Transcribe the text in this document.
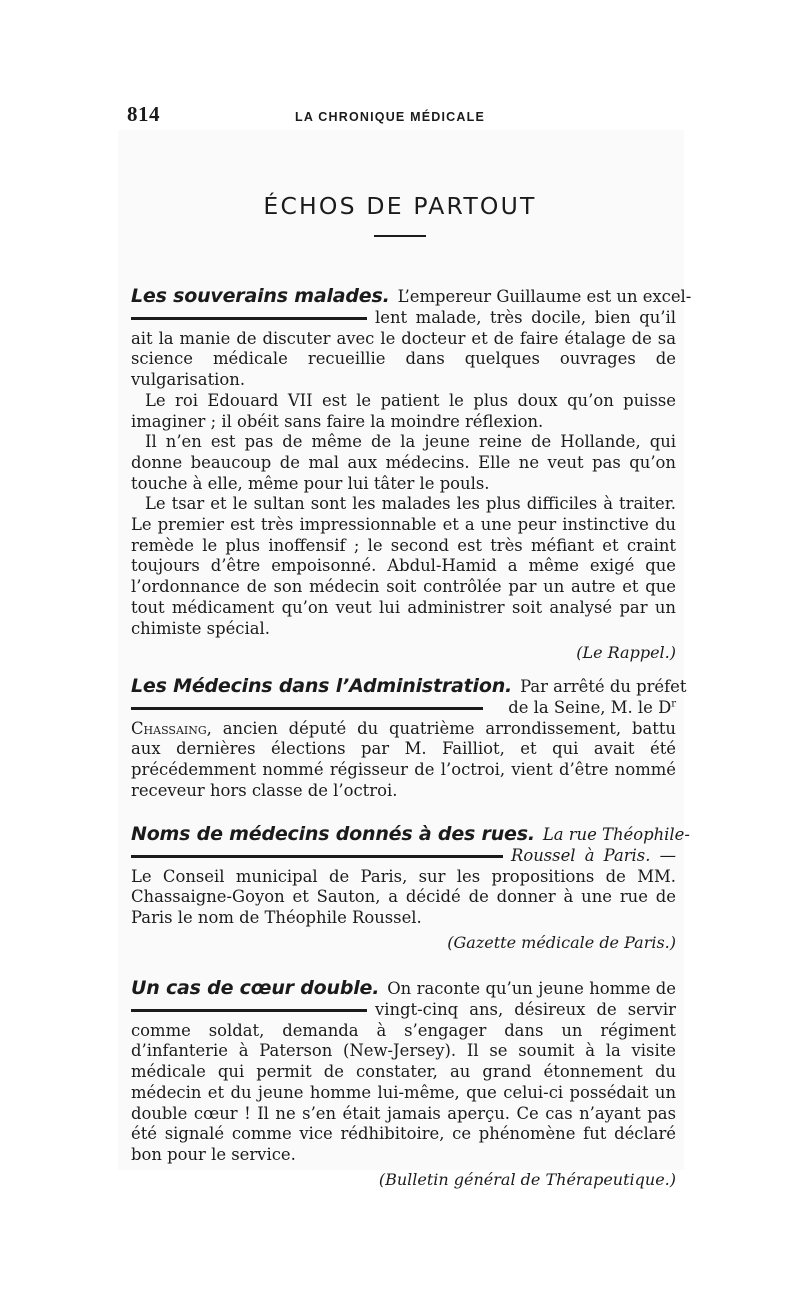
814	LA CHRONIQUE MÉDICALE
ÉCHOS DE PARTOUT
Les souverains malades. L’empereur Guillaume est un excel-
lent malade, très docile, bien qu’il

ait la manie de discuter avec le docteur et de faire étalage de sa science médicale recueillie dans quelques ouvrages de vulgarisation.

Le roi Edouard VII est le patient le plus doux qu’on puisse imaginer ; il obéit sans faire la moindre réflexion.

Il n’en est pas de même de la jeune reine de Hollande, qui donne beaucoup de mal aux médecins. Elle ne veut pas qu’on touche à elle, même pour lui tâter le pouls.

Le tsar et le sultan sont les malades les plus difficiles à traiter. Le premier est très impressionnable et a une peur instinctive du remède le plus inoffensif ; le second est très méfiant et craint toujours d’être empoisonné. Abdul-Hamid a même exigé que l’ordonnance de son médecin soit contrôlée par un autre et que tout médicament qu’on veut lui administrer soit analysé par un chimiste spécial.

(Le Rappel.)

Les Médecins dans l’Administration. Par arrêté du préfet
de la Seine, M. le $D^r$

Chassaing, ancien député du quatrième arrondissement, battu aux dernières élections par M. Failliot, et qui avait été précédemment nommé régisseur de l’octroi, vient d’être nommé receveur hors classe de l’octroi.

Noms de médecins donnés à des rues. La rue Théophile-
Roussel à Paris. —

Le Conseil municipal de Paris, sur les propositions de MM. Chassaigne-Goyon et Sauton, a décidé de donner à une rue de Paris le nom de Théophile Roussel.

(Gazette médicale de Paris.)

Un cas de cœur double. On raconte qu’un jeune homme de
vingt-cinq ans, désireux de servir

comme soldat, demanda à s’engager dans un régiment d’infanterie à Paterson (New-Jersey). Il se soumit à la visite médicale qui permit de constater, au grand étonnement du médecin et du jeune homme lui-même, que celui-ci possédait un double cœur ! Il ne s’en était jamais aperçu. Ce cas n’ayant pas été signalé comme vice rédhibitoire, ce phénomène fut déclaré bon pour le service.

(Bulletin général de Thérapeutique.)
